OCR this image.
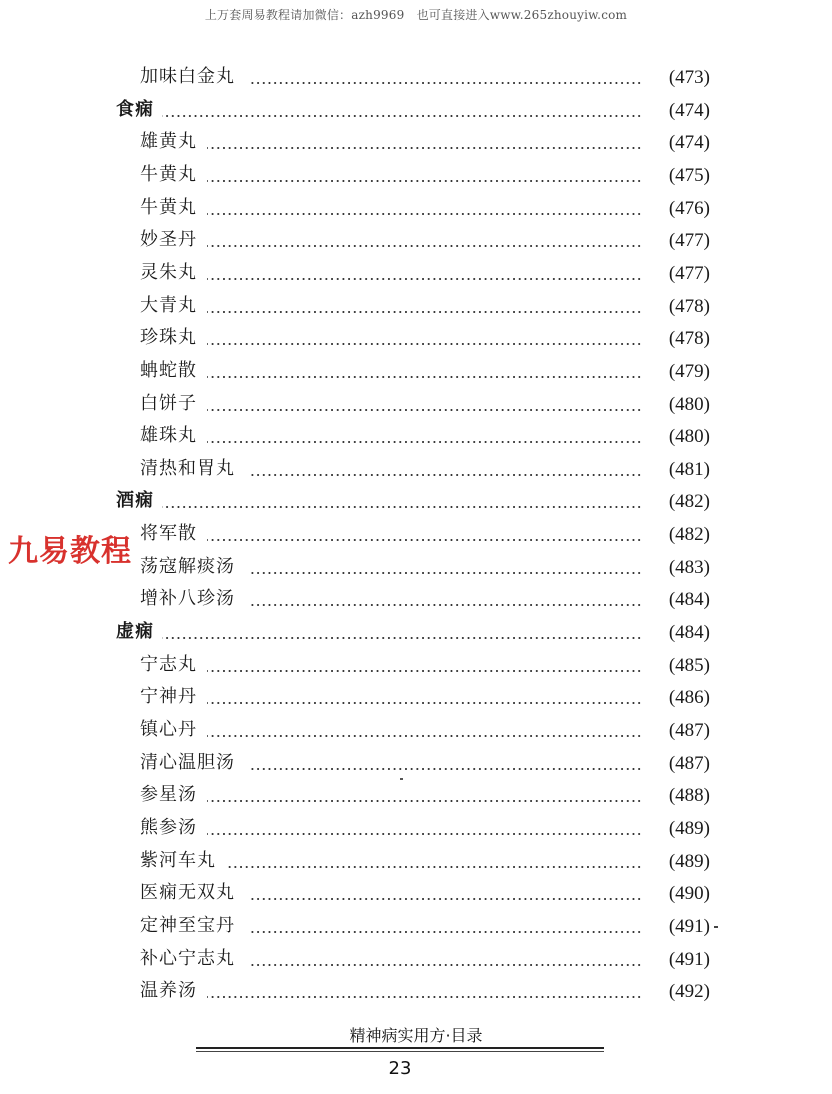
上万套周易教程请加微信：azh9969　也可直接进入www.265zhouyiw.com
加味白金丸	(473)
食痫	(474)
雄黄丸	(474)
牛黄丸	(475)
牛黄丸	(476)
妙圣丹	(477)
灵朱丸	(477)
大青丸	(478)
珍珠丸	(478)
蚺蛇散	(479)
白饼子	(480)
雄珠丸	(480)
清热和胃丸	(481)
酒痫	(482)
将军散	(482)
荡寇解痰汤	(483)
增补八珍汤	(484)
虚痫	(484)
宁志丸	(485)
宁神丹	(486)
镇心丹	(487)
清心温胆汤	(487)
参星汤	(488)
熊参汤	(489)
紫河车丸	(489)
医痫无双丸	(490)
定神至宝丹	(491)
补心宁志丸	(491)
温养汤	(492)
九易教程
精神病实用方·目录
23
